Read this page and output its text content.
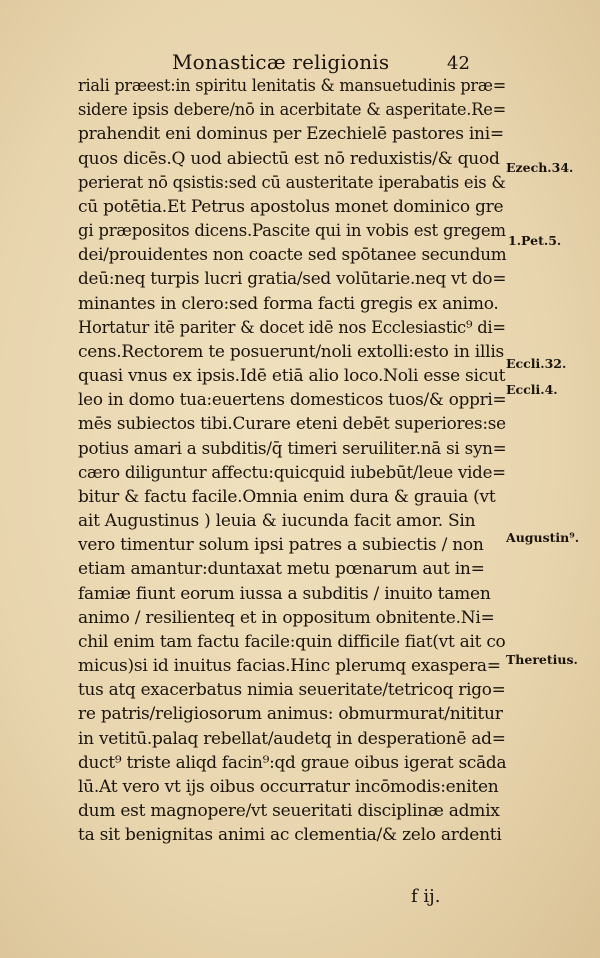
Monasticæ religionis	42
riali præest:in spiritu lenitatis & mansuetudinis præ=
sidere ipsis debere/nō in acerbitate & asperitate.Re=
prahendit eni dominus per Ezechielē pastores ini=
quos dicēs.Q uod abiectū est nō reduxistis/& quod
perierat nō qsistis:sed cū austeritate iperabatis eis &
cū potētia.Et Petrus apostolus monet dominico gre
gi præpositos dicens.Pascite qui in vobis est gregem
dei/prouidentes non coacte sed spōtanee secundum
deū:neq turpis lucri gratia/sed volūtarie.neq vt do=
minantes in clero:sed forma facti gregis ex animo.
Hortatur itē pariter & docet idē nos Ecclesiastic⁹ di=
cens.Rectorem te posuerunt/noli extolli:esto in illis
quasi vnus ex ipsis.Idē etiā alio loco.Noli esse sicut
leo in domo tua:euertens domesticos tuos/& oppri=
mēs subiectos tibi.Curare eteni debēt superiores:se
potius amari a subditis/q̄ timeri seruiliter.nā si syn=
cæro diliguntur affectu:quicquid iubebūt/leue vide=
bitur & factu facile.Omnia enim dura & grauia (vt
ait Augustinus ) leuia & iucunda facit amor. Sin
vero timentur solum ipsi patres a subiectis / non
etiam amantur:duntaxat metu pœnarum aut in=
famiæ fiunt eorum iussa a subditis / inuito tamen
animo / resilienteq et in oppositum obnitente.Ni=
chil enim tam factu facile:quin difficile fiat(vt ait co
micus)si id inuitus facias.Hinc plerumq exaspera=
tus atq exacerbatus nimia seueritate/tetricoq rigo=
re patris/religiosorum animus: obmurmurat/nititur
in vetitū.palaq rebellat/audetq in desperationē ad=
duct⁹ triste aliqd facin⁹:qd graue oibus igerat scāda
lū.At vero vt ijs oibus occurratur incōmodis:eniten
dum est magnopere/vt seueritati disciplinæ admix
ta sit benignitas animi ac clementia/& zelo ardenti
Ezech.34.
1.Pet.5.
Eccli.32.
Eccli.4.
Augustin⁹.
Theretius.
f ij.
